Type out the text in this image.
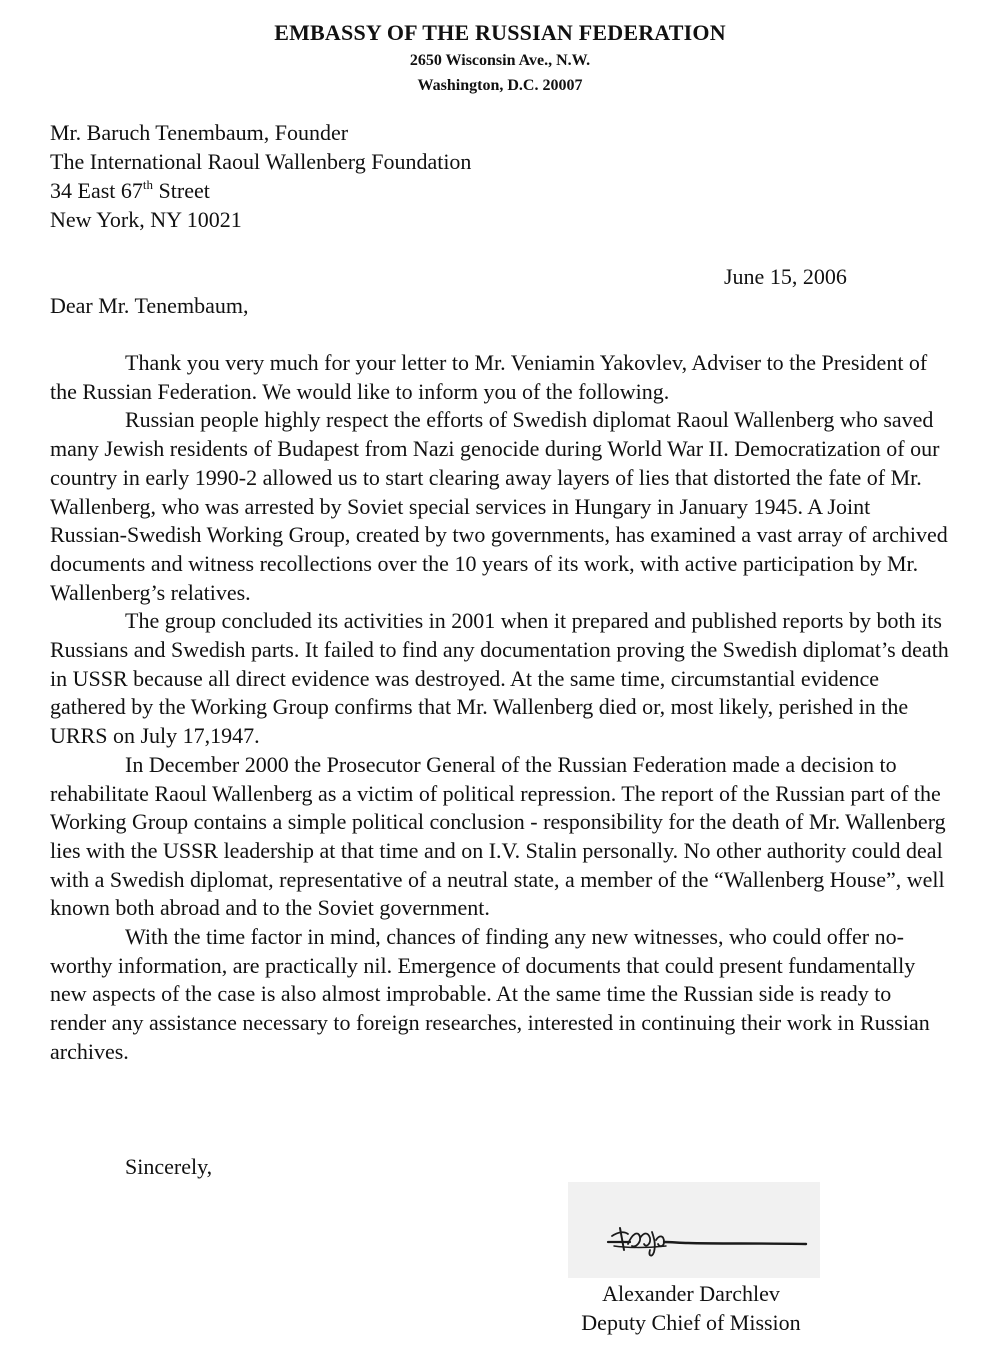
EMBASSY OF THE RUSSIAN FEDERATION
2650 Wisconsin Ave., N.W.
Washington, D.C. 20007
Mr. Baruch Tenembaum, Founder
The International Raoul Wallenberg Foundation
34 East 67th Street
New York, NY 10021
June 15, 2006
Dear Mr. Tenembaum,

Thank you very much for your letter to Mr. Veniamin Yakovlev, Adviser to the President of the Russian Federation. We would like to inform you of the following.

Russian people highly respect the efforts of Swedish diplomat Raoul Wallenberg who saved many Jewish residents of Budapest from Nazi genocide during World War II. Democratization of our country in early 1990-2 allowed us to start clearing away layers of lies that distorted the fate of Mr. Wallenberg, who was arrested by Soviet special services in Hungary in January 1945. A Joint Russian-Swedish Working Group, created by two governments, has examined a vast array of archived documents and witness recollections over the 10 years of its work, with active participation by Mr. Wallenberg’s relatives.

The group concluded its activities in 2001 when it prepared and published reports by both its Russians and Swedish parts. It failed to find any documentation proving the Swedish diplomat’s death in USSR because all direct evidence was destroyed. At the same time, circumstantial evidence gathered by the Working Group confirms that Mr. Wallenberg died or, most likely, perished in the URRS on July 17,1947.

In December 2000 the Prosecutor General of the Russian Federation made a decision to rehabilitate Raoul Wallenberg as a victim of political repression. The report of the Russian part of the Working Group contains a simple political conclusion - responsibility for the death of Mr. Wallenberg lies with the USSR leadership at that time and on I.V. Stalin personally. No other authority could deal with a Swedish diplomat, representative of a neutral state, a member of the “Wallenberg House”, well known both abroad and to the Soviet government.

With the time factor in mind, chances of finding any new witnesses, who could offer no-worthy information, are practically nil. Emergence of documents that could present fundamentally new aspects of the case is also almost improbable. At the same time the Russian side is ready to render any assistance necessary to foreign researches, interested in continuing their work in Russian archives.

Sincerely,
Alexander Darchlev
Deputy Chief of Mission
